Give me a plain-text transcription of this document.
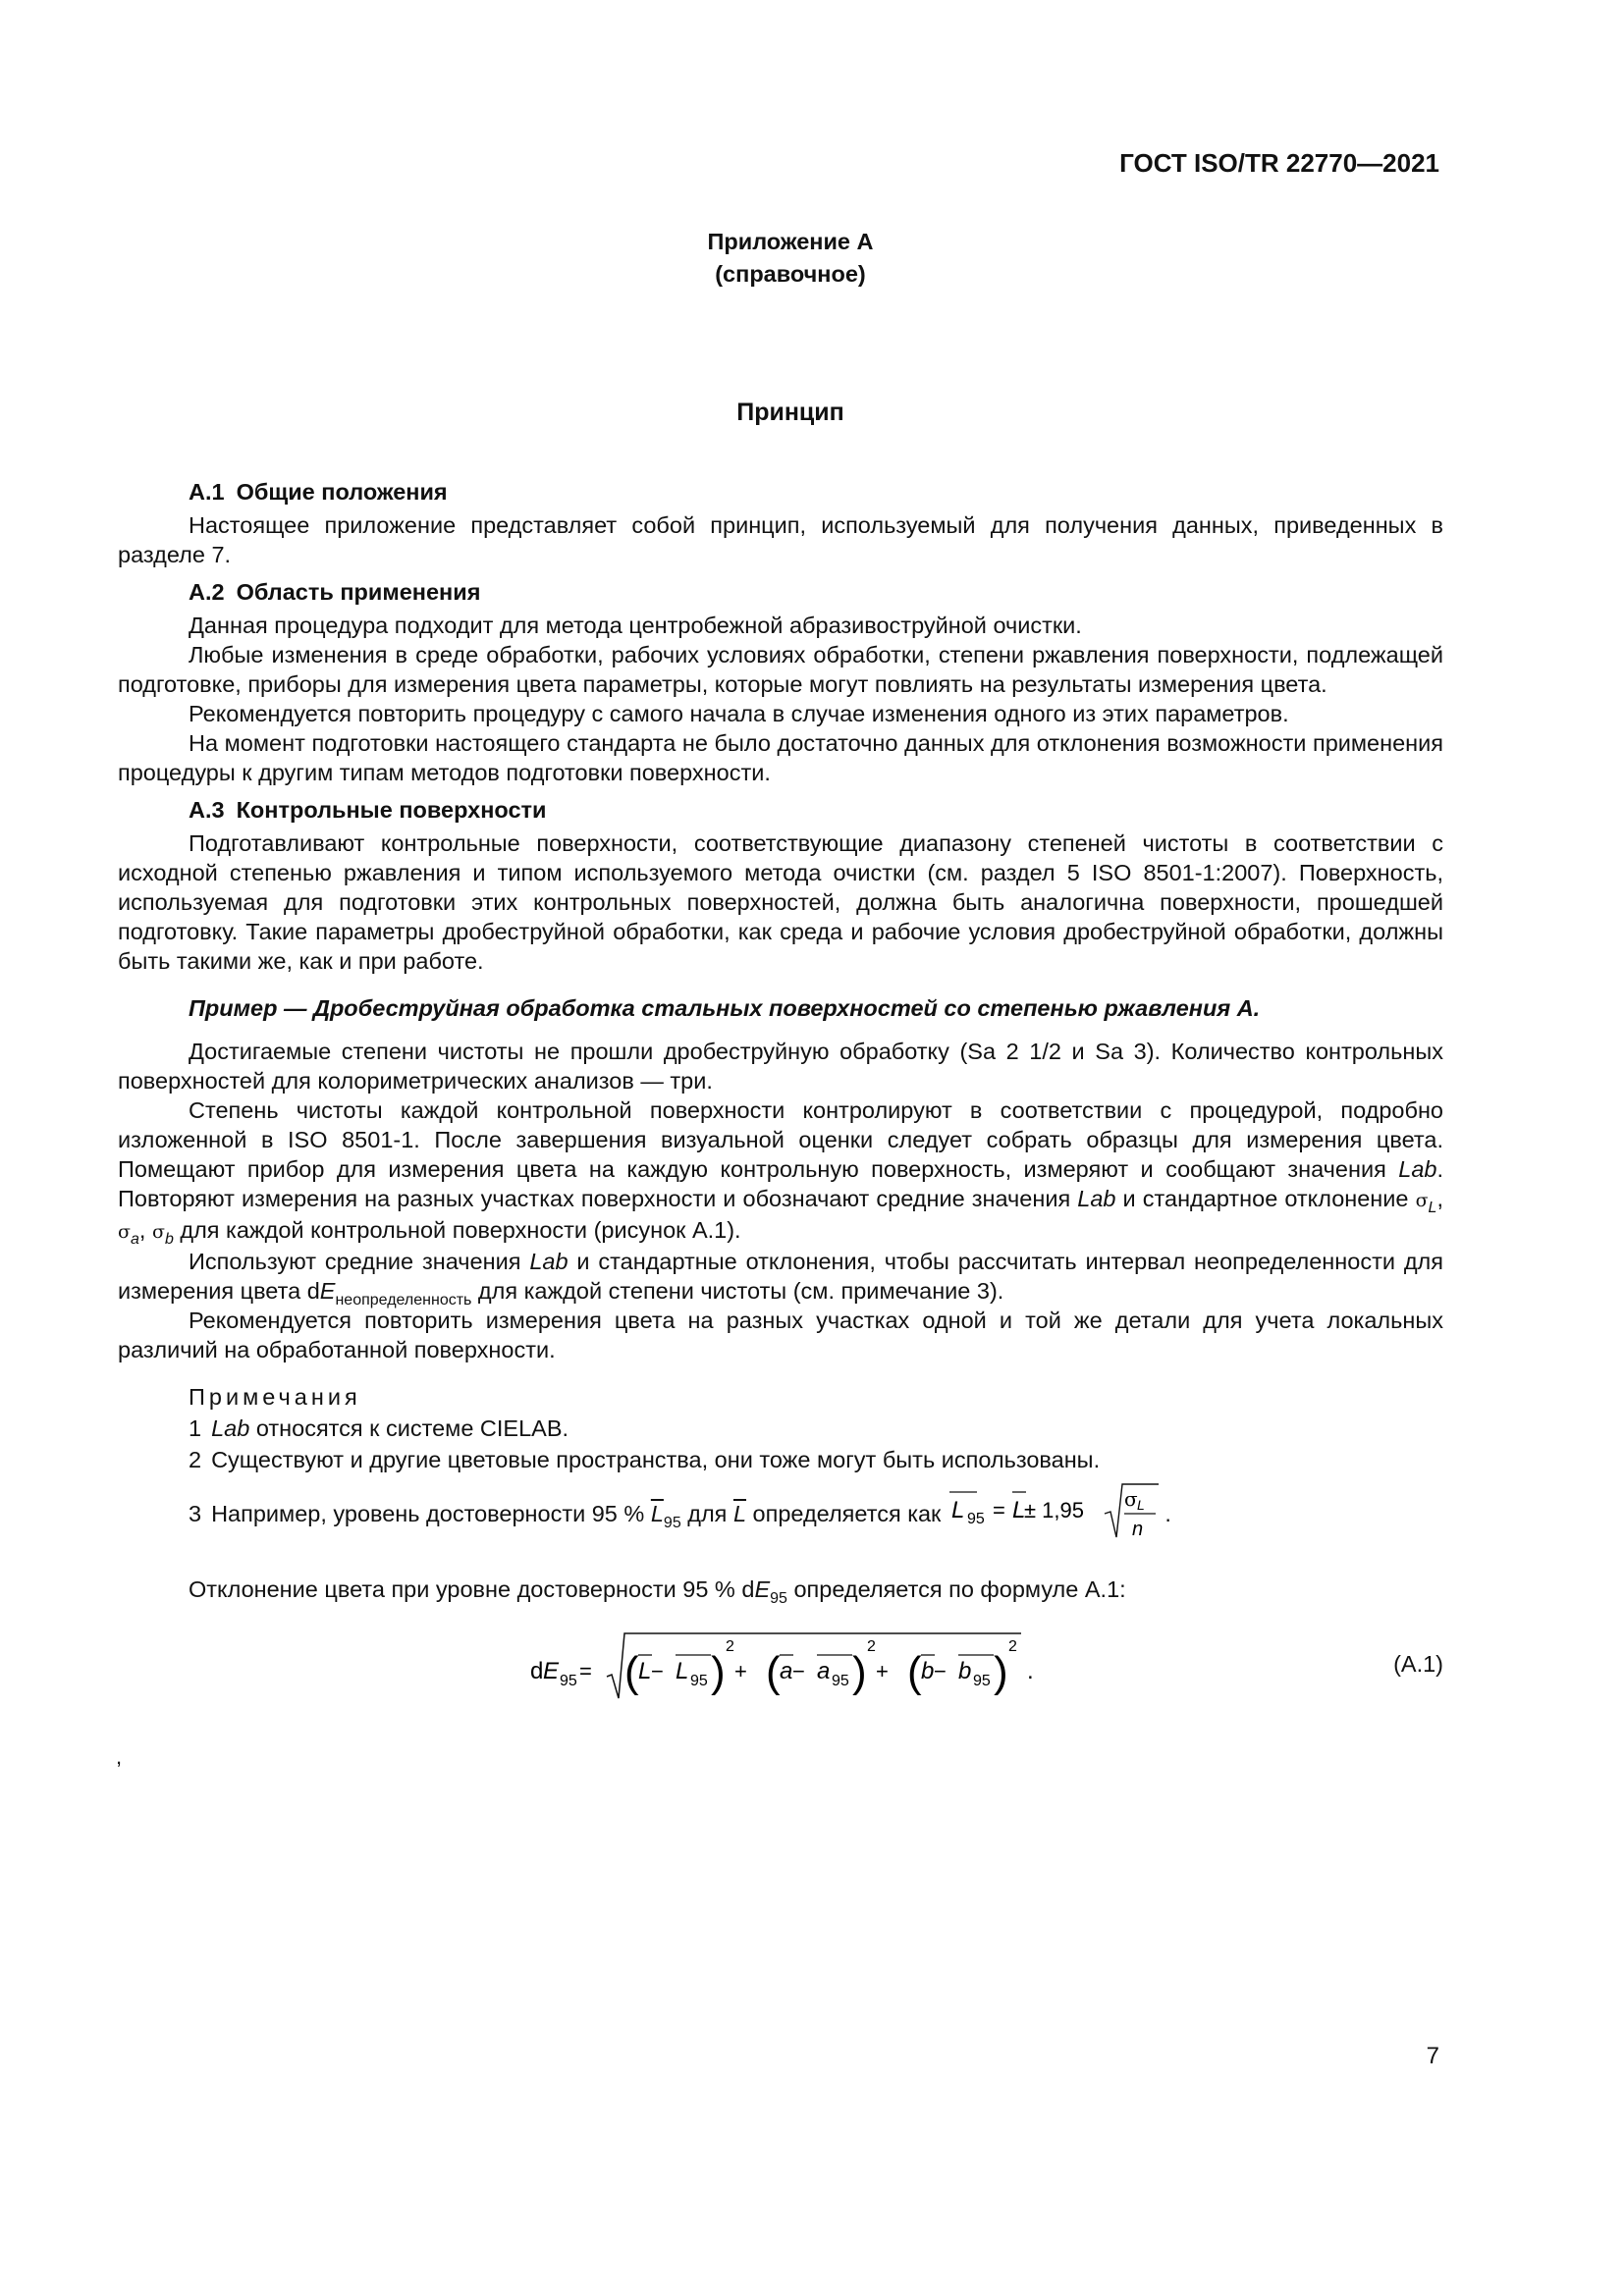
ГОСТ ISO/TR 22770—2021
Приложение А
(справочное)
Принцип
А.1 Общие положения

Настоящее приложение представляет собой принцип, используемый для получения данных, приведенных в разделе 7.

А.2 Область применения

Данная процедура подходит для метода центробежной абразивоструйной очистки.

Любые изменения в среде обработки, рабочих условиях обработки, степени ржавления поверхности, подлежащей подготовке, приборы для измерения цвета параметры, которые могут повлиять на результаты измерения цвета.

Рекомендуется повторить процедуру с самого начала в случае изменения одного из этих параметров.

На момент подготовки настоящего стандарта не было достаточно данных для отклонения возможности применения процедуры к другим типам методов подготовки поверхности.

А.3 Контрольные поверхности

Подготавливают контрольные поверхности, соответствующие диапазону степеней чистоты в соответствии с исходной степенью ржавления и типом используемого метода очистки (см. раздел 5 ISO 8501-1:2007). Поверхность, используемая для подготовки этих контрольных поверхностей, должна быть аналогична поверхности, прошедшей подготовку. Такие параметры дробеструйной обработки, как среда и рабочие условия дробеструйной обработки, должны быть такими же, как и при работе.

Пример — Дробеструйная обработка стальных поверхностей со степенью ржавления А.

Достигаемые степени чистоты не прошли дробеструйную обработку (Sa 2 1/2 и Sa 3). Количество контрольных поверхностей для колориметрических анализов — три.

Степень чистоты каждой контрольной поверхности контролируют в соответствии с процедурой, подробно изложенной в ISO 8501-1. После завершения визуальной оценки следует собрать образцы для измерения цвета. Помещают прибор для измерения цвета на каждую контрольную поверхность, измеряют и сообщают значения Lab. Повторяют измерения на разных участках поверхности и обозначают средние значения Lab и стандартное отклонение $\sigma_L$, $\sigma_a$, $\sigma_b$ для каждой контрольной поверхности (рисунок А.1).

Используют средние значения Lab и стандартные отклонения, чтобы рассчитать интервал неопределенности для измерения цвета $dE_{неопределенность}$ для каждой степени чистоты (см. примечание 3).

Рекомендуется повторить измерения цвета на разных участках одной и той же детали для учета локальных различий на обработанной поверхности.

Примечания
1 Lab относятся к системе CIELAB.
2 Существуют и другие цветовые пространства, они тоже могут быть использованы.
3 Например, уровень достоверности 95 % $\overline{L}_{95}$ для $\overline{L}$ определяется как L 95 = L
± 1,95 σ L
n
.

Отклонение цвета при уровне достоверности 95 % $dE_{95}$ определяется по формуле А.1:

d E 95 = ( L − L 95 )
2
+ ( a − a 95 )
2
+ ( b − b 95 )
2
.	(А.1)
,
7
